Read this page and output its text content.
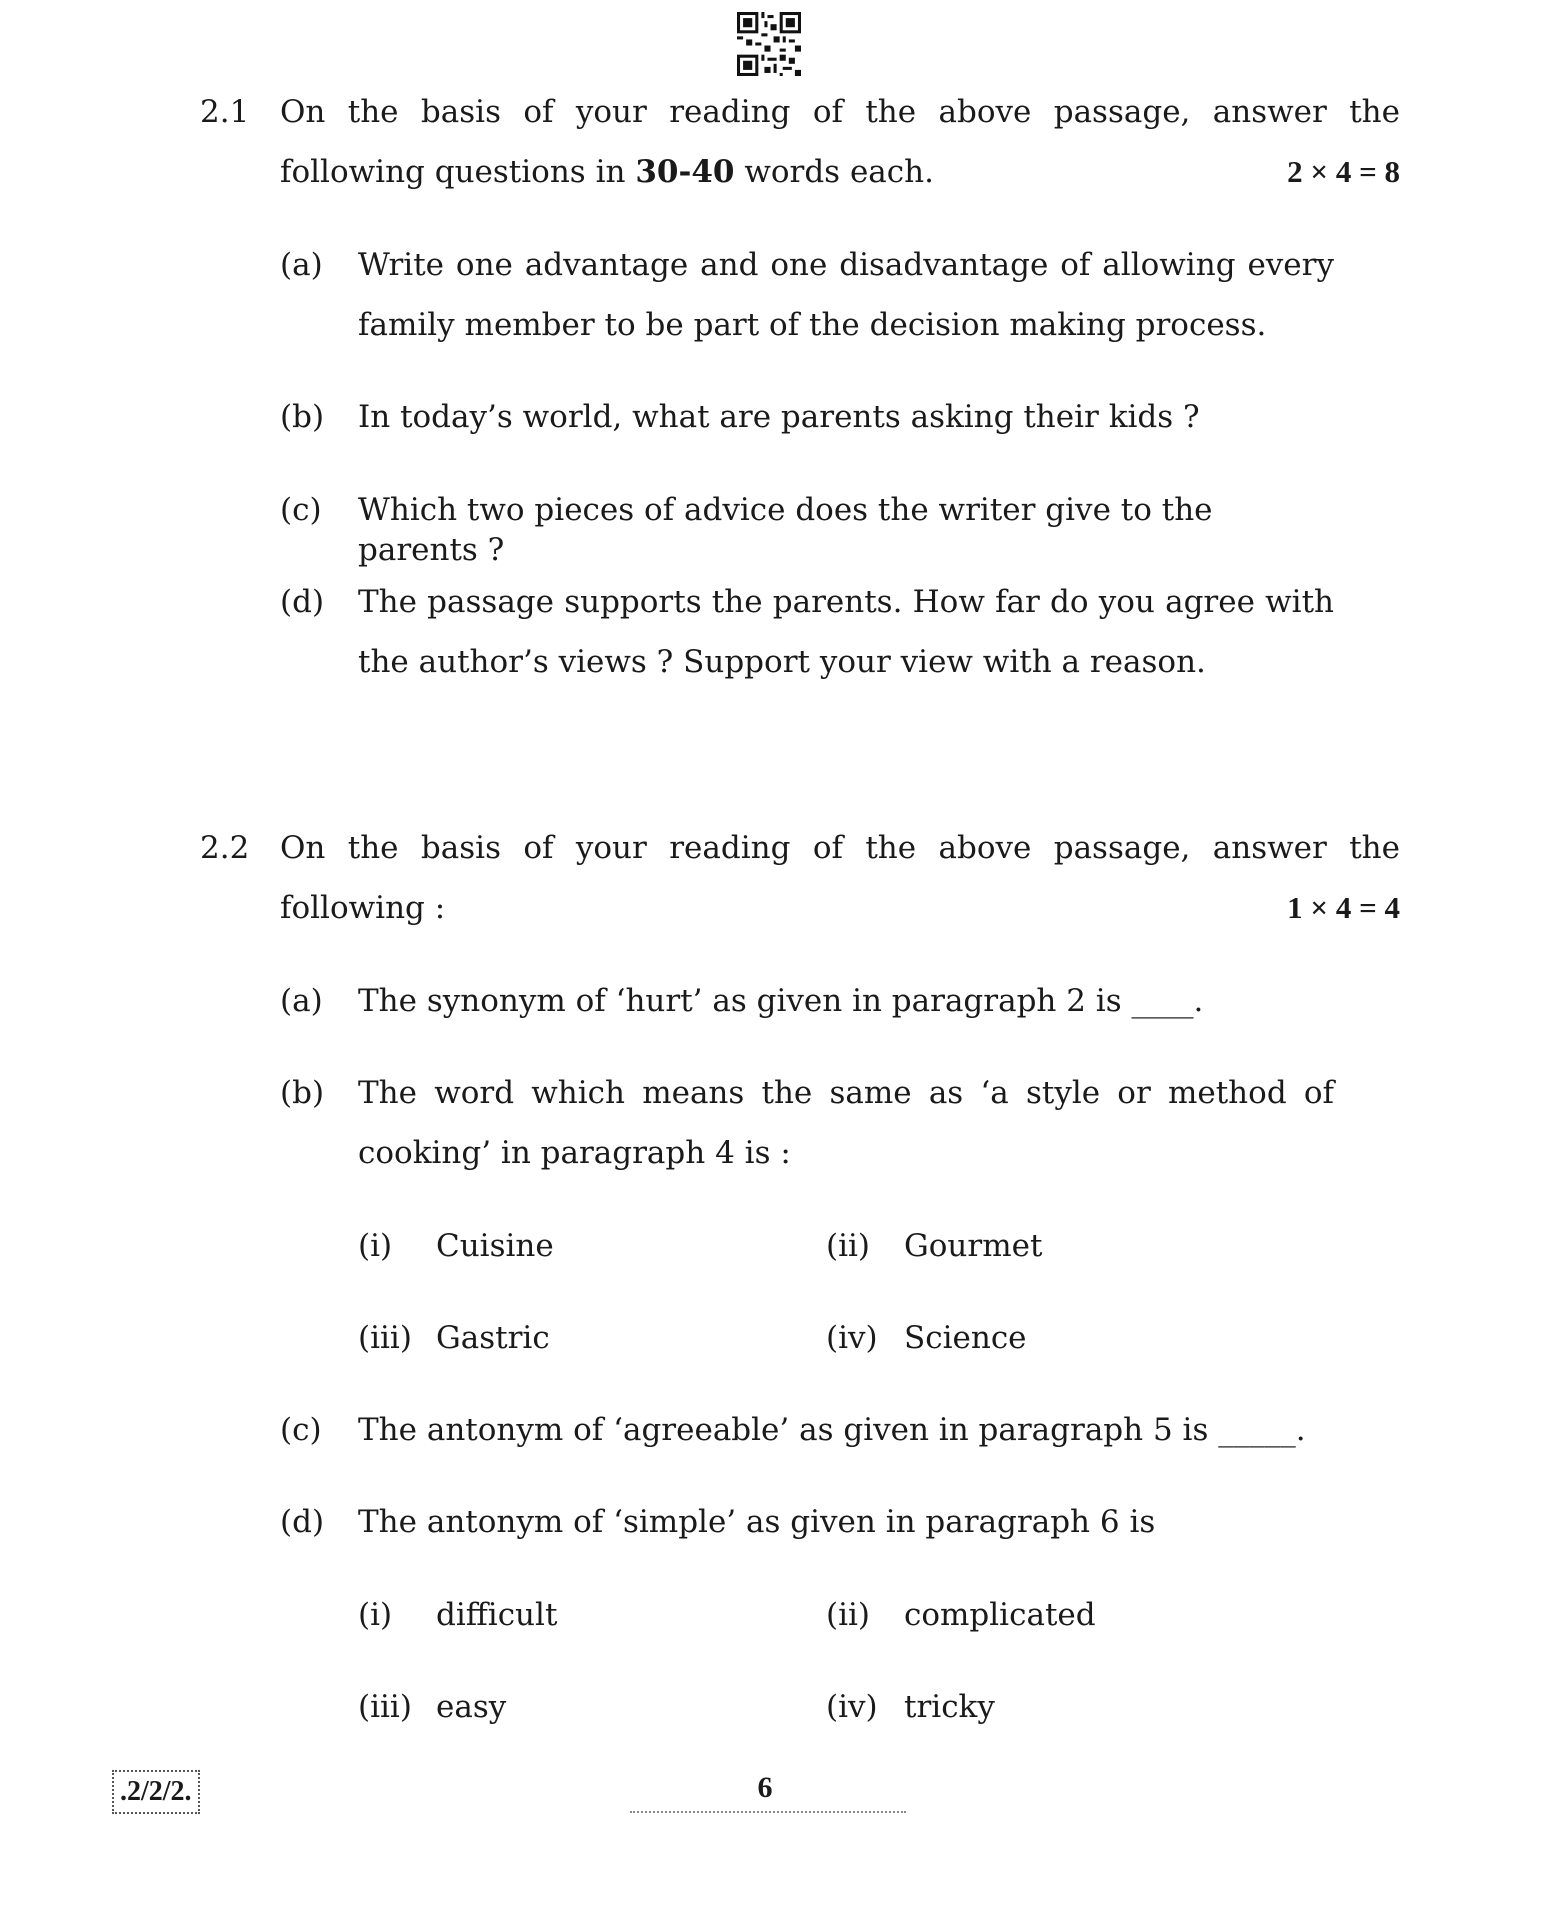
2.1 On the basis of your reading of the above passage, answer the
following questions in 30-40 words each.	2 × 4 = 8
(a) Write one advantage and one disadvantage of allowing every
family member to be part of the decision making process.
(b) In today’s world, what are parents asking their kids ?
(c) Which two pieces of advice does the writer give to the parents ?
(d) The passage supports the parents. How far do you agree with
the author’s views ? Support your view with a reason.
2.2 On the basis of your reading of the above passage, answer the
following :	1 × 4 = 4
(a) The synonym of ‘hurt’ as given in paragraph 2 is ____.
(b) The word which means the same as ‘a style or method of
cooking’ in paragraph 4 is :
(i) Cuisine	(ii) Gourmet
(iii) Gastric	(iv) Science
(c) The antonym of ‘agreeable’ as given in paragraph 5 is _____.
(d) The antonym of ‘simple’ as given in paragraph 6 is
(i) difficult	(ii) complicated
(iii) easy	(iv) tricky
.2/2/2.	6
